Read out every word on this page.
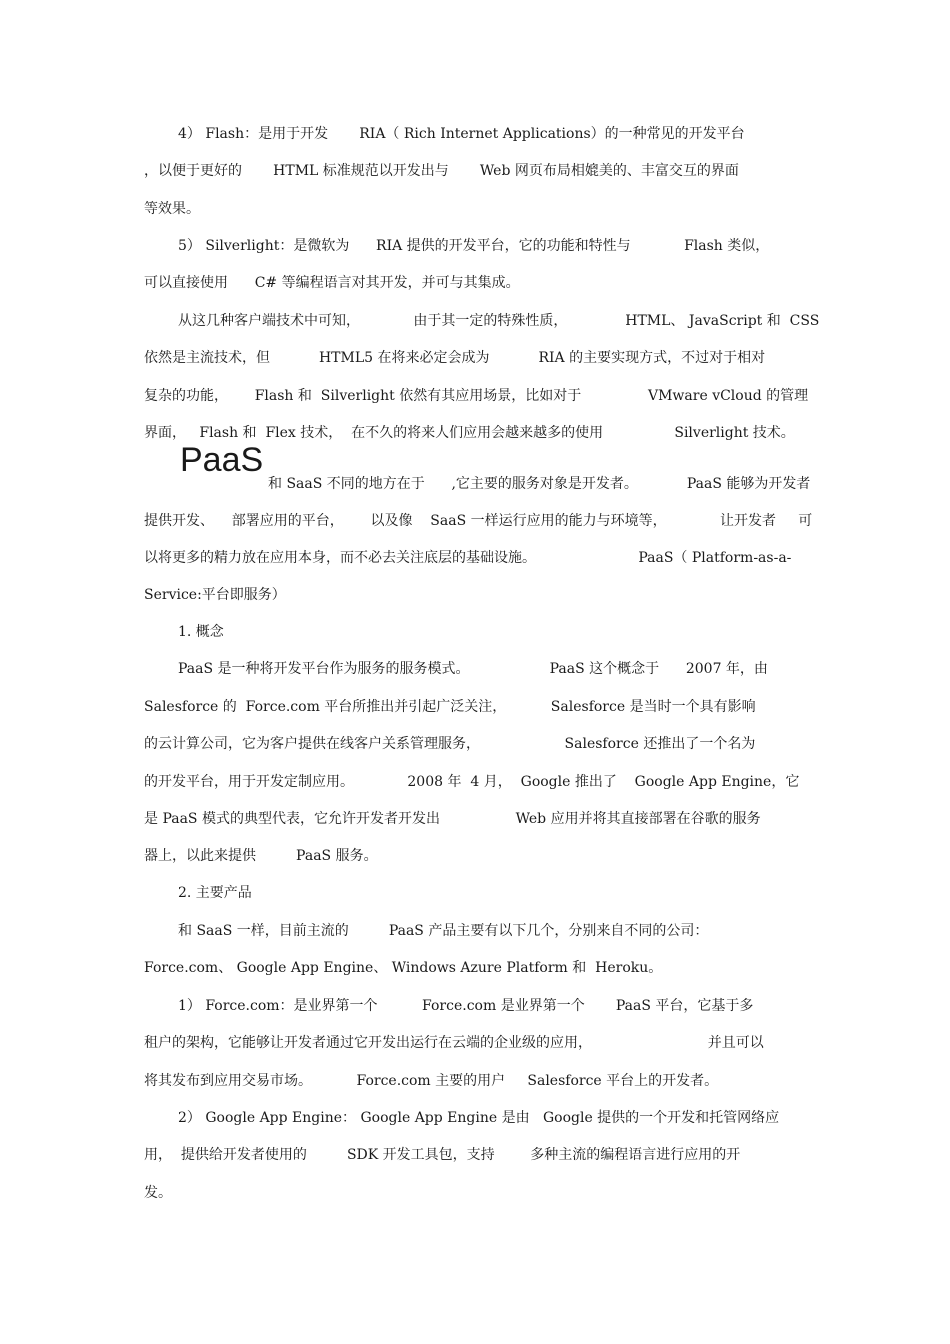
4） Flash：是用于开发       RIA（ Rich Internet Applications）的一种常见的开发平台

，以便于更好的       HTML 标准规范以开发出与       Web 网页布局相媲美的、丰富交互的界面

等效果。

5） Silverlight：是微软为      RIA 提供的开发平台，它的功能和特性与            Flash 类似，

可以直接使用      C# 等编程语言对其开发，并可与其集成。

从这几种客户端技术中可知，            由于其一定的特殊性质，             HTML、 JavaScript 和  CSS

依然是主流技术，但           HTML5 在将来必定会成为           RIA 的主要实现方式，不过对于相对

复杂的功能，      Flash 和  Silverlight 依然有其应用场景，比如对于               VMware vCloud 的管理

界面，   Flash 和  Flex 技术，  在不久的将来人们应用会越来越多的使用                Silverlight 技术。

PaaS

和 SaaS 不同的地方在于      ,它主要的服务对象是开发者。           PaaS 能够为开发者

提供开发、    部署应用的平台，      以及像    SaaS 一样运行应用的能力与环境等，            让开发者     可

以将更多的精力放在应用本身，而不必去关注底层的基础设施。                       PaaS（ Platform-as-a-

Service:平台即服务）

1. 概念

PaaS 是一种将开发平台作为服务的服务模式。                  PaaS 这个概念于      2007 年，由

Salesforce 的  Force.com 平台所推出并引起广泛关注，          Salesforce 是当时一个具有影响

的云计算公司，它为客户提供在线客户关系管理服务，                   Salesforce 还推出了一个名为

的开发平台，用于开发定制应用。            2008 年  4 月，  Google 推出了    Google App Engine，它

是 PaaS 模式的典型代表，它允许开发者开发出                 Web 应用并将其直接部署在谷歌的服务

器上，以此来提供         PaaS 服务。

2. 主要产品

和 SaaS 一样，目前主流的         PaaS 产品主要有以下几个，分别来自不同的公司：

Force.com、 Google App Engine、 Windows Azure Platform 和  Heroku。

1） Force.com：是业界第一个          Force.com 是业界第一个       PaaS 平台，它基于多

租户的架构，它能够让开发者通过它开发出运行在云端的企业级的应用，                          并且可以

将其发布到应用交易市场。          Force.com 主要的用户     Salesforce 平台上的开发者。

2） Google App Engine： Google App Engine 是由   Google 提供的一个开发和托管网络应

用，  提供给开发者使用的         SDK 开发工具包，支持        多种主流的编程语言进行应用的开

发。
